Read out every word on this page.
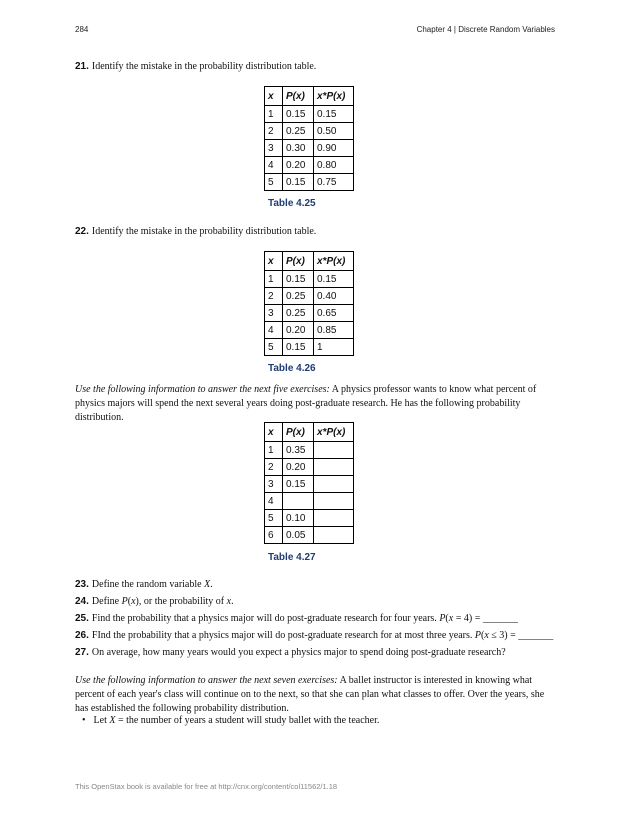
284	Chapter 4 | Discrete Random Variables
21. Identify the mistake in the probability distribution table.
x	P(x)	x*P(x)
1	0.15	0.15
2	0.25	0.50
3	0.30	0.90
4	0.20	0.80
5	0.15	0.75
Table 4.25
22. Identify the mistake in the probability distribution table.
x	P(x)	x*P(x)
1	0.15	0.15
2	0.25	0.40
3	0.25	0.65
4	0.20	0.85
5	0.15	1
Table 4.26
Use the following information to answer the next five exercises: A physics professor wants to know what percent of physics majors will spend the next several years doing post-graduate research. He has the following probability distribution.
x	P(x)	x*P(x)
1	0.35	
2	0.20	
3	0.15	
4		
5	0.10	
6	0.05	
Table 4.27
23. Define the random variable X.
24. Define P(x), or the probability of x.
25. Find the probability that a physics major will do post-graduate research for four years. P(x = 4) = _______
26. FInd the probability that a physics major will do post-graduate research for at most three years. P(x ≤ 3) = _______
27. On average, how many years would you expect a physics major to spend doing post-graduate research?
Use the following information to answer the next seven exercises: A ballet instructor is interested in knowing what percent of each year's class will continue on to the next, so that she can plan what classes to offer. Over the years, she has established the following probability distribution.
• Let X = the number of years a student will study ballet with the teacher.
This OpenStax book is available for free at http://cnx.org/content/col11562/1.18
